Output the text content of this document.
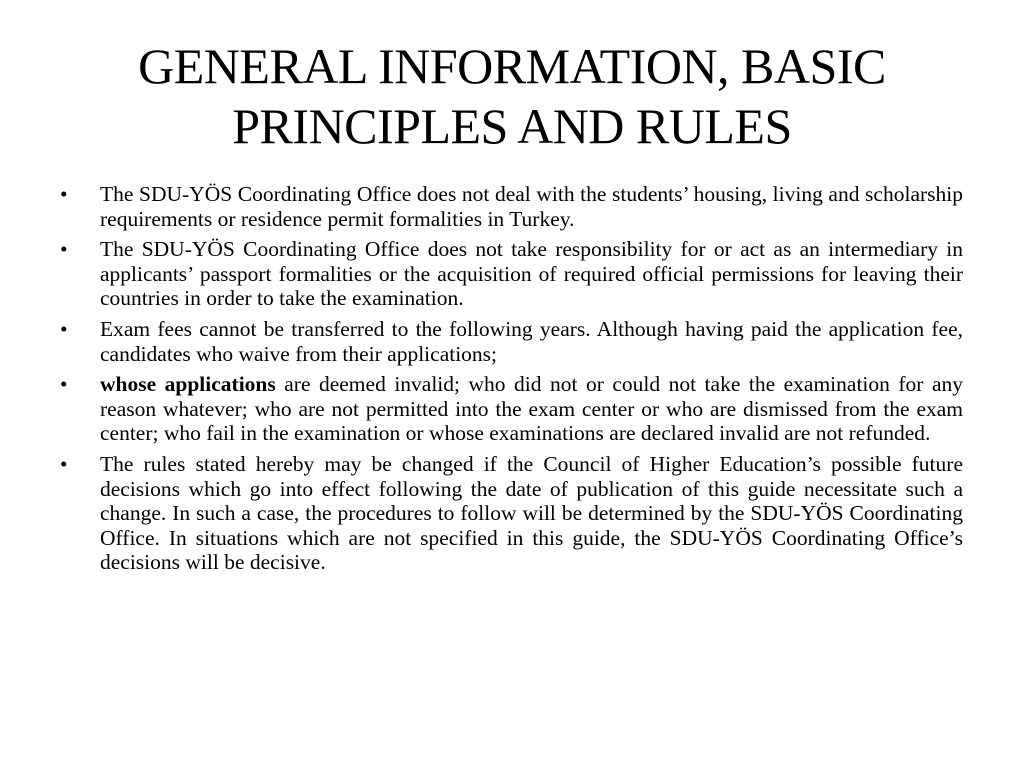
GENERAL INFORMATION, BASIC PRINCIPLES AND RULES
•	The SDU-YÖS Coordinating Office does not deal with the students’ housing, living and scholarship requirements or residence permit formalities in Turkey.
•	The SDU-YÖS Coordinating Office does not take responsibility for or act as an intermediary in applicants’ passport formalities or the acquisition of required official permissions for leaving their countries in order to take the examination.
•	Exam fees cannot be transferred to the following years. Although having paid the application fee, candidates who waive from their applications;
•	whose applications are deemed invalid; who did not or could not take the examination for any reason whatever; who are not permitted into the exam center or who are dismissed from the exam center; who fail in the examination or whose examinations are declared invalid are not refunded.
•	The rules stated hereby may be changed if the Council of Higher Education’s possible future decisions which go into effect following the date of publication of this guide necessitate such a change. In such a case, the procedures to follow will be determined by the SDU-YÖS Coordinating Office. In situations which are not specified in this guide, the SDU-YÖS Coordinating Office’s decisions will be decisive.
